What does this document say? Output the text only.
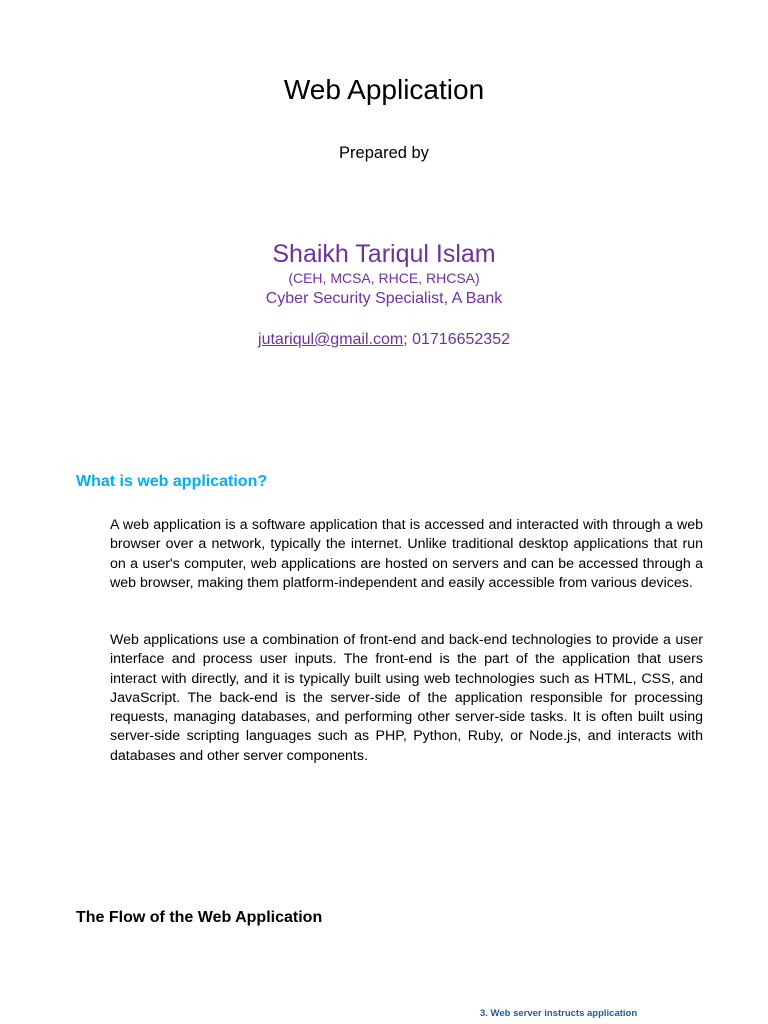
Web Application
Prepared by
Shaikh Tariqul Islam
(CEH, MCSA, RHCE, RHCSA)
Cyber Security Specialist, A Bank
jutariqul@gmail.com; 01716652352
What is web application?
A web application is a software application that is accessed and interacted with through a web browser over a network, typically the internet. Unlike traditional desktop applications that run on a user's computer, web applications are hosted on servers and can be accessed through a web browser, making them platform-independent and easily accessible from various devices.
Web applications use a combination of front-end and back-end technologies to provide a user interface and process user inputs. The front-end is the part of the application that users interact with directly, and it is typically built using web technologies such as HTML, CSS, and JavaScript. The back-end is the server-side of the application responsible for processing requests, managing databases, and performing other server-side tasks. It is often built using server-side scripting languages such as PHP, Python, Ruby, or Node.js, and interacts with databases and other server components.
The Flow of the Web Application
3. Web server instructs application
